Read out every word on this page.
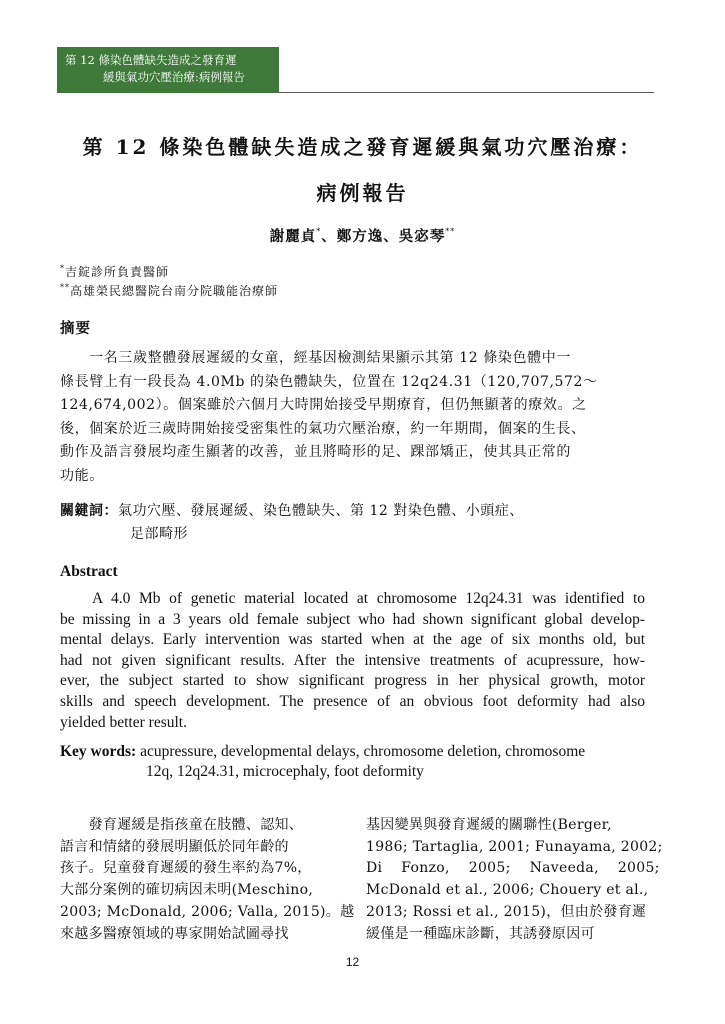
第 12 條染色體缺失造成之發育遲
緩與氣功穴壓治療:病例報告
第 12 條染色體缺失造成之發育遲緩與氣功穴壓治療：
病例報告
謝麗貞*、鄭方逸、吳宓琴**
*吉錠診所負責醫師
**高雄榮民總醫院台南分院職能治療師
摘要
　　一名三歲整體發展遲緩的女童，經基因檢測結果顯示其第 12 條染色體中一
條長臂上有一段長為 4.0Mb 的染色體缺失，位置在 12q24.31（120,707,572～
124,674,002）。個案雖於六個月大時開始接受早期療育，但仍無顯著的療效。之
後，個案於近三歲時開始接受密集性的氣功穴壓治療，約一年期間，個案的生長、
動作及語言發展均產生顯著的改善，並且將畸形的足、踝部矯正，使其具正常的
功能。
關鍵詞：氣功穴壓、發展遲緩、染色體缺失、第 12 對染色體、小頭症、
足部畸形
Abstract
A 4.0 Mb of genetic material located at chromosome 12q24.31 was identified to
be missing in a 3 years old female subject who had shown significant global develop-
mental delays. Early intervention was started when at the age of six months old, but
had not given significant results. After the intensive treatments of acupressure, how-
ever, the subject started to show significant progress in her physical growth, motor
skills and speech development. The presence of an obvious foot deformity had also
yielded better result.
Key words: acupressure, developmental delays, chromosome deletion, chromosome
12q, 12q24.31, microcephaly, foot deformity
　　發育遲緩是指孩童在肢體、認知、
語言和情緒的發展明顯低於同年齡的
孩子。兒童發育遲緩的發生率約為7%，
大部分案例的確切病因未明(Meschino,
2003; McDonald, 2006; Valla, 2015)。越
來越多醫療領域的專家開始試圖尋找
基因變異與發育遲緩的關聯性(Berger,
1986; Tartaglia, 2001; Funayama, 2002;
Di    Fonzo,    2005;    Naveeda,    2005;
McDonald et al., 2006; Chouery et al.,
2013; Rossi et al., 2015)，但由於發育遲
緩僅是一種臨床診斷，其誘發原因可
12
